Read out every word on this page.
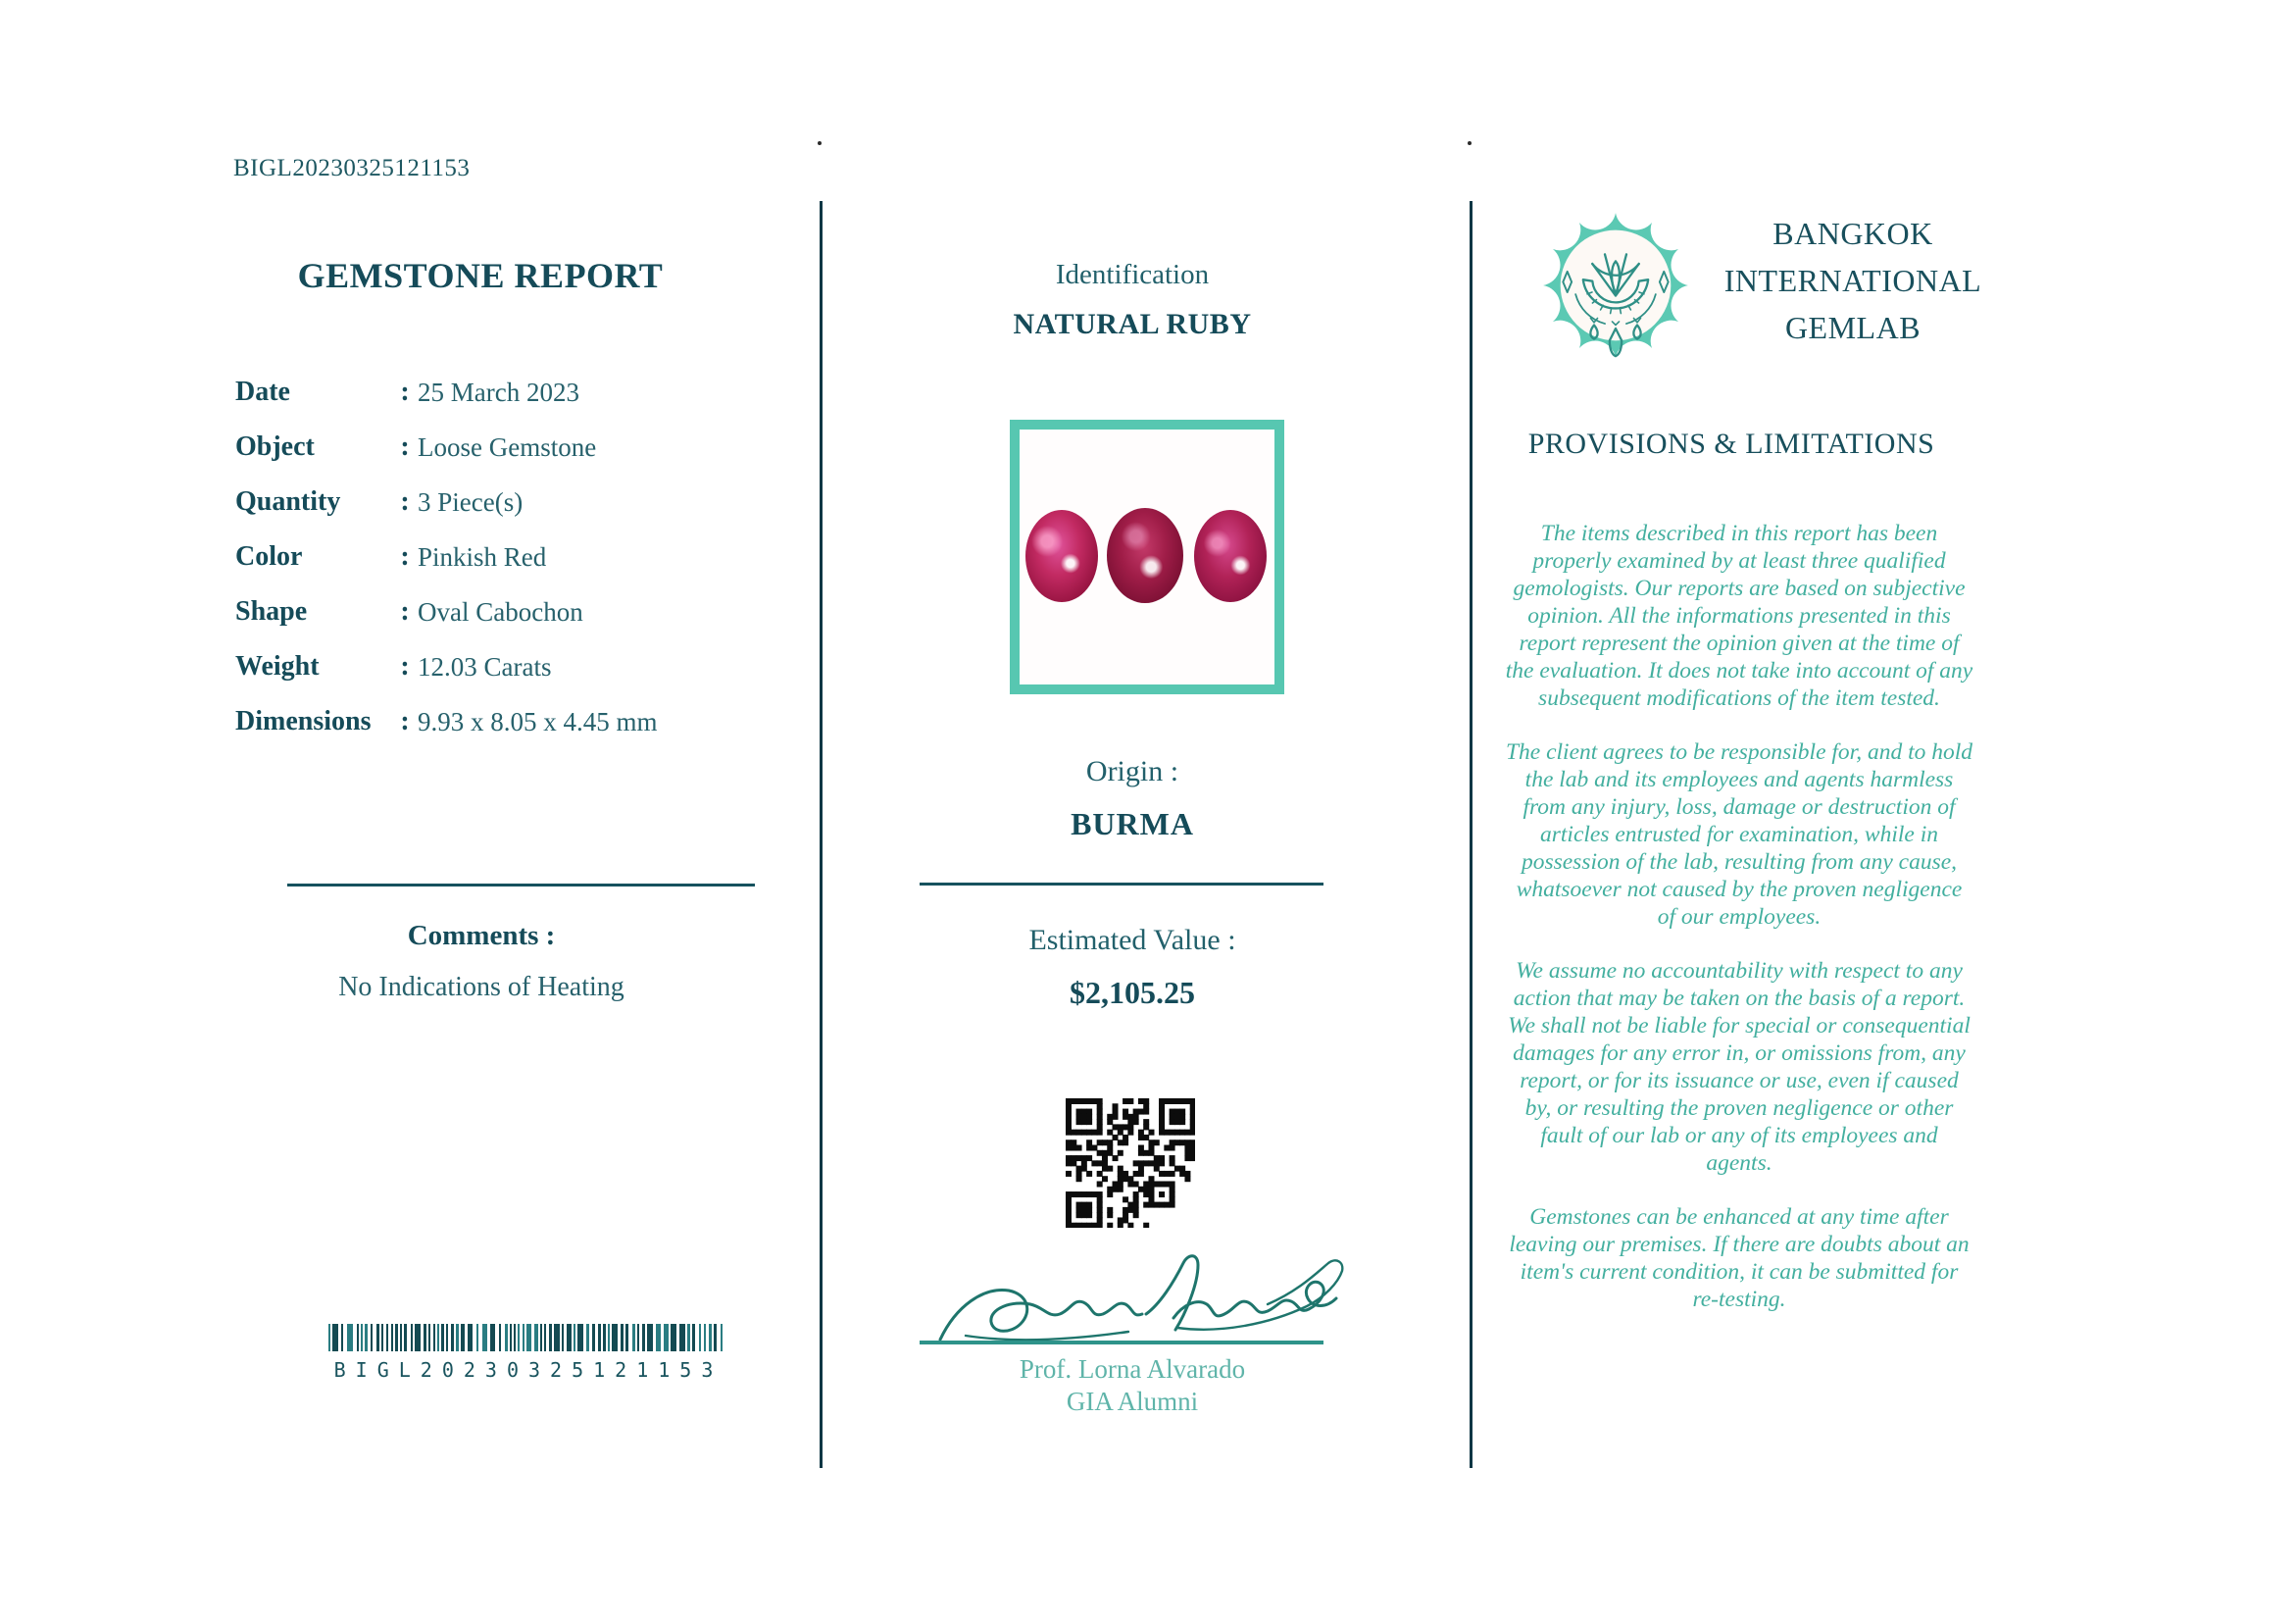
BIGL20230325121153
GEMSTONE REPORT
Date	: 25 March 2023
Object	: Loose Gemstone
Quantity	: 3 Piece(s)
Color	: Pinkish Red
Shape	: Oval Cabochon
Weight	: 12.03 Carats
Dimensions	: 9.93 x 8.05 x 4.45 mm
Comments :
No Indications of Heating
BIGL20230325121153
Identification
NATURAL RUBY
Origin :
BURMA
Estimated Value :
$2,105.25
Prof. Lorna Alvarado
GIA Alumni
BANGKOK
INTERNATIONAL
GEMLAB
PROVISIONS & LIMITATIONS

The items described in this report has been properly examined by at least three qualified gemologists. Our reports are based on subjective opinion. All the informations presented in this report represent the opinion given at the time of the evaluation. It does not take into account of any subsequent modifications of the item tested.

The client agrees to be responsible for, and to hold the lab and its employees and agents harmless from any injury, loss, damage or destruction of articles entrusted for examination, while in possession of the lab, resulting from any cause, whatsoever not caused by the proven negligence of our employees.

We assume no accountability with respect to any action that may be taken on the basis of a report. We shall not be liable for special or consequential damages for any error in, or omissions from, any report, or for its issuance or use, even if caused by, or resulting the proven negligence or other fault of our lab or any of its employees and agents.

Gemstones can be enhanced at any time after leaving our premises. If there are doubts about an item's current condition, it can be submitted for re-testing.
